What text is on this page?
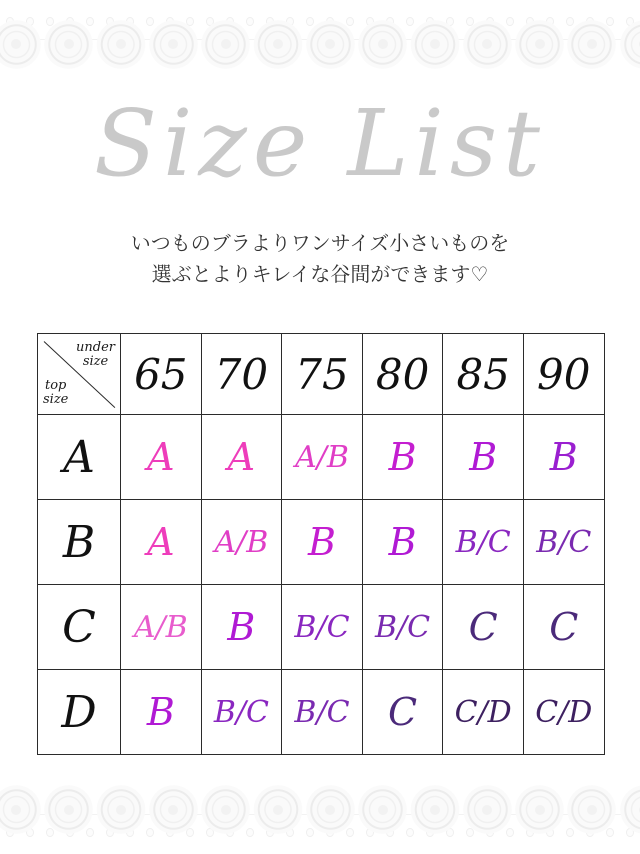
Size List
いつものブラよりワンサイズ小さいものを
選ぶとよりキレイな谷間ができます♡
under
size
top
size	65	70	75	80	85	90
A	A	A	A/B	B	B	B
B	A	A/B	B	B	B/C	B/C
C	A/B	B	B/C	B/C	C	C
D	B	B/C	B/C	C	C/D	C/D
